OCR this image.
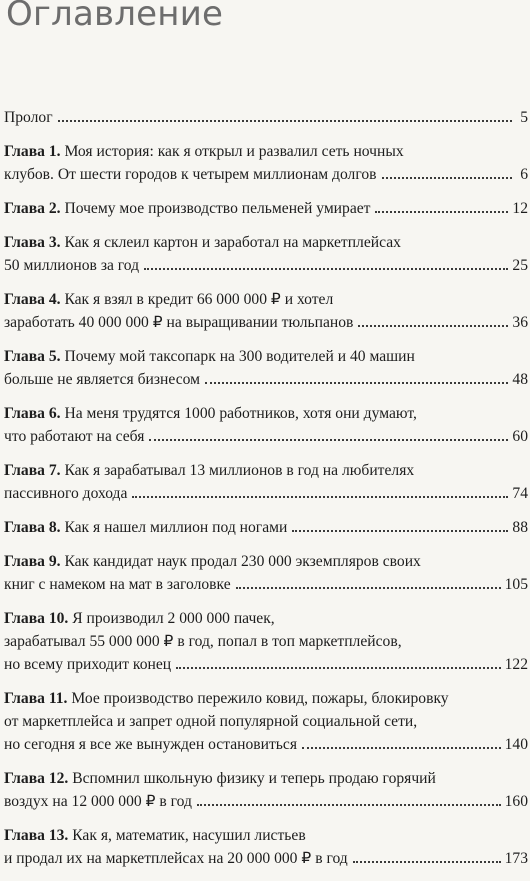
Оглавление
Пролог	5
Глава 1.
Моя история: как я открыл и развалил сеть ночных
клубов. От шести городов к четырем миллионам долгов	6
Глава 2.
Почему мое производство пельменей умирает	12
Глава 3.
Как я склеил картон и заработал на маркетплейсах
50 миллионов за год	25
Глава 4.
Как я взял в кредит 66 000 000 ₽ и хотел
заработать 40 000 000 ₽ на выращивании тюльпанов	36
Глава 5.
Почему мой таксопарк на 300 водителей и 40 машин
больше не является бизнесом	48
Глава 6.
На меня трудятся 1000 работников, хотя они думают,
что работают на себя	60
Глава 7.
Как я зарабатывал 13 миллионов в год на любителях
пассивного дохода	74
Глава 8.
Как я нашел миллион под ногами	88
Глава 9.
Как кандидат наук продал 230 000 экземпляров своих
книг с намеком на мат в заголовке	105
Глава 10.
Я производил 2 000 000 пачек,
зарабатывал 55 000 000 ₽ в год, попал в топ маркетплейсов,
но всему приходит конец	122
Глава 11.
Мое производство пережило ковид, пожары, блокировку
от маркетплейса и запрет одной популярной социальной сети,
но сегодня я все же вынужден остановиться	140
Глава 12.
Вспомнил школьную физику и теперь продаю горячий
воздух на 12 000 000 ₽ в год	160
Глава 13.
Как я, математик, насушил листьев
и продал их на маркетплейсах на 20 000 000 ₽ в год	173
